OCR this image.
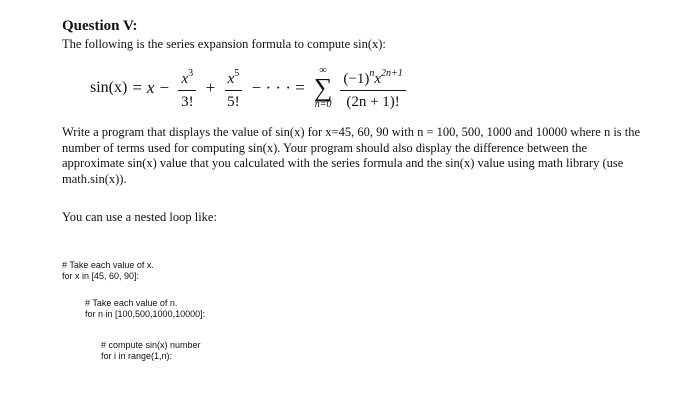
Question V:
The following is the series expansion formula to compute sin(x):
$\sin(x) = x - \frac{x^3}{3!} + \frac{x^5}{5!}$ − · · · =
∞
∑
$n=0 \frac{(-1)^nx^{2n+1}}{(2n + 1)!}$

Write a program that displays the value of sin(x) for x=45, 60, 90 with n = 100, 500, 1000 and 10000 where n is the number of terms used for computing sin(x). Your program should also display the difference between the approximate sin(x) value that you calculated with the series formula and the sin(x) value using math library (use math.sin(x)).

You can use a nested loop like:
# Take each value of x.
for x in [45, 60, 90]:
# Take each value of n.
for n in [100,500,1000,10000]:
# compute sin(x) number
for i in range(1,n):
